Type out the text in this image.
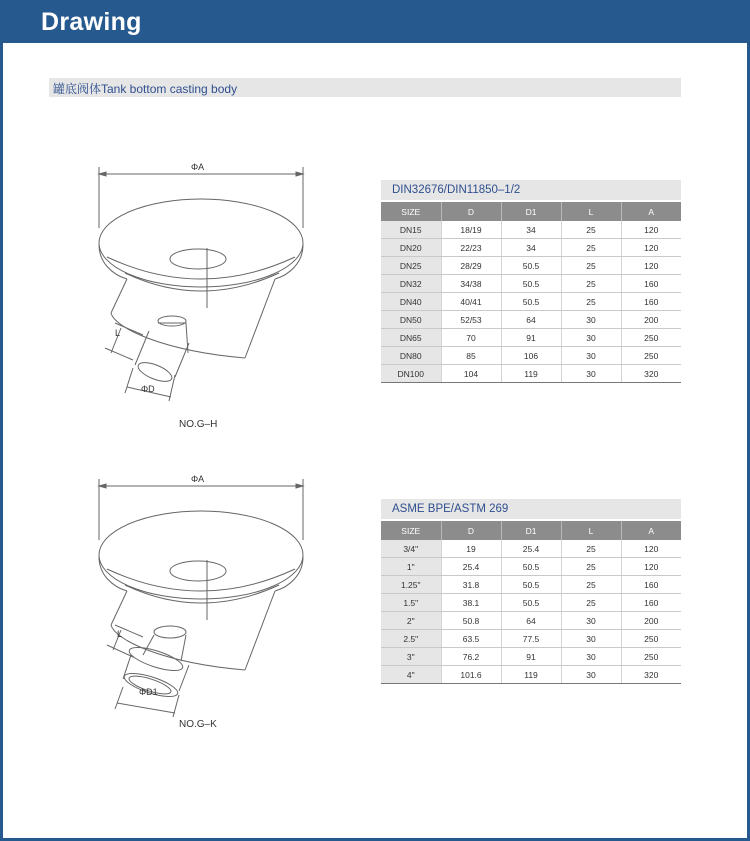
Drawing
罐底阀体Tank bottom casting body
ΦA
L
ΦD
NO.G–H
ΦA
L
ΦD1
NO.G–K
DIN32676/DIN11850–1/2
SIZE	D	D1	L	A
DN15	18/19	34	25	120
DN20	22/23	34	25	120
DN25	28/29	50.5	25	120
DN32	34/38	50.5	25	160
DN40	40/41	50.5	25	160
DN50	52/53	64	30	200
DN65	70	91	30	250
DN80	85	106	30	250
DN100	104	119	30	320
ASME BPE/ASTM 269
SIZE	D	D1	L	A
3/4"	19	25.4	25	120
1"	25.4	50.5	25	120
1.25"	31.8	50.5	25	160
1.5"	38.1	50.5	25	160
2"	50.8	64	30	200
2.5"	63.5	77.5	30	250
3"	76.2	91	30	250
4"	101.6	119	30	320
